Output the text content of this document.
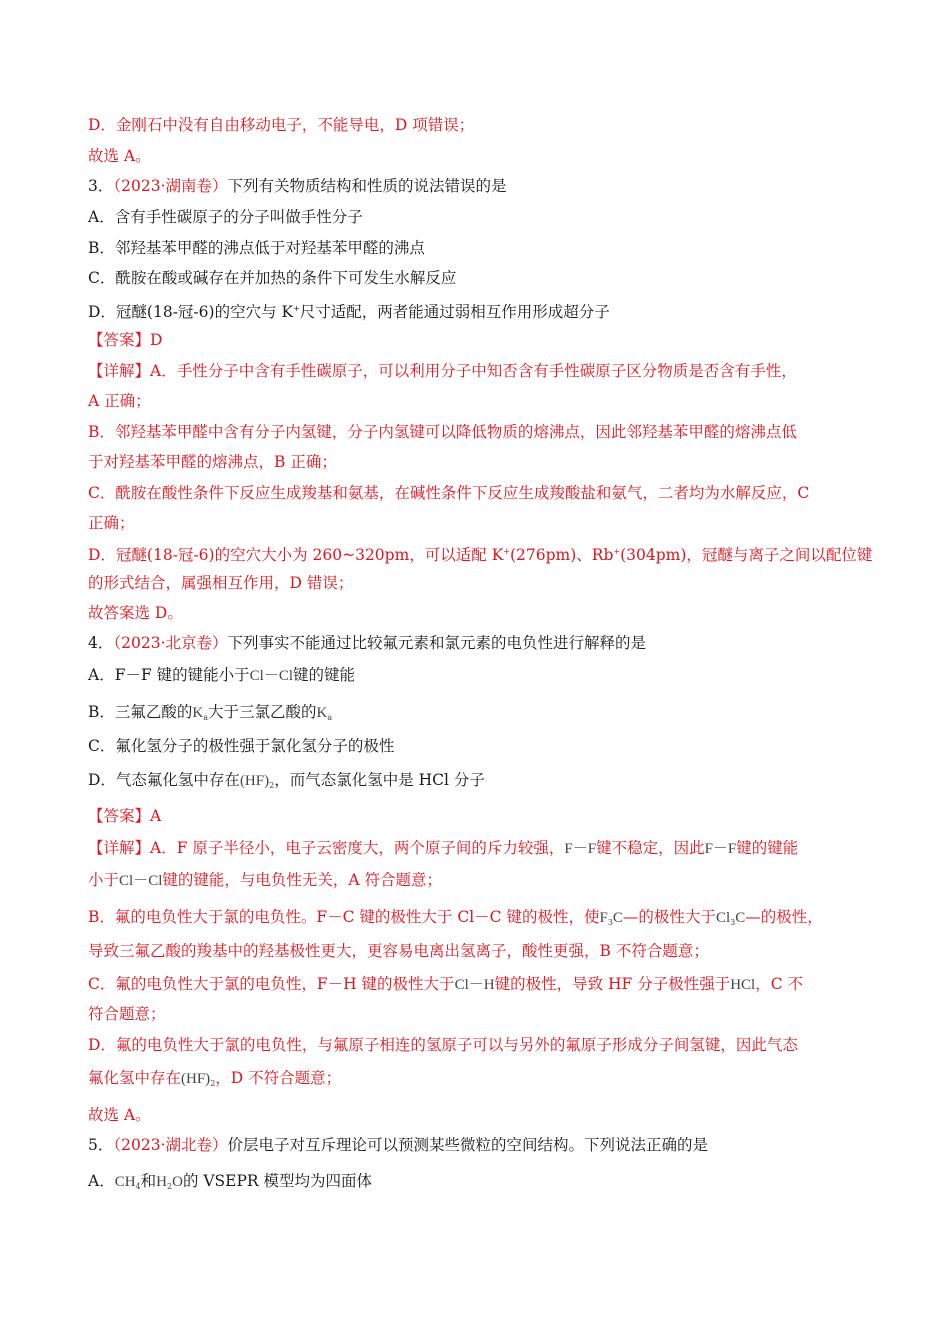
D．金刚石中没有自由移动电子，不能导电，D 项错误；
故选 A。
3．（2023·湖南卷）下列有关物质结构和性质的说法错误的是
A．含有手性碳原子的分子叫做手性分子
B．邻羟基苯甲醛的沸点低于对羟基苯甲醛的沸点
C．酰胺在酸或碱存在并加热的条件下可发生水解反应
D．冠醚(18-冠-6)的空穴与 K+尺寸适配，两者能通过弱相互作用形成超分子
【答案】D
【详解】A．手性分子中含有手性碳原子，可以利用分子中知否含有手性碳原子区分物质是否含有手性，
A 正确；
B．邻羟基苯甲醛中含有分子内氢键，分子内氢键可以降低物质的熔沸点，因此邻羟基苯甲醛的熔沸点低
于对羟基苯甲醛的熔沸点，B 正确；
C．酰胺在酸性条件下反应生成羧基和氨基，在碱性条件下反应生成羧酸盐和氨气，二者均为水解反应，C
正确；
D．冠醚(18-冠-6)的空穴大小为 260~320pm，可以适配 K+(276pm)、Rb+(304pm)，冠醚与离子之间以配位键
的形式结合，属强相互作用，D 错误；
故答案选 D。
4．（2023·北京卷）下列事实不能通过比较氟元素和氯元素的电负性进行解释的是
A．F－F 键的键能小于Cl－Cl键的键能
B．三氟乙酸的Ka大于三氯乙酸的Ka
C．氟化氢分子的极性强于氯化氢分子的极性
D．气态氟化氢中存在(HF)2，而气态氯化氢中是 HCl 分子
【答案】A
【详解】A．F 原子半径小，电子云密度大，两个原子间的斥力较强，F－F键不稳定，因此F－F键的键能
小于Cl－Cl键的键能，与电负性无关，A 符合题意；
B．氟的电负性大于氯的电负性。F－C 键的极性大于 Cl－C 键的极性，使F3C—的极性大于Cl3C—的极性，
导致三氟乙酸的羧基中的羟基极性更大，更容易电离出氢离子，酸性更强，B 不符合题意；
C．氟的电负性大于氯的电负性，F－H 键的极性大于Cl－H键的极性，导致 HF 分子极性强于HCl，C 不
符合题意；
D．氟的电负性大于氯的电负性，与氟原子相连的氢原子可以与另外的氟原子形成分子间氢键，因此气态
氟化氢中存在(HF)2，D 不符合题意；
故选 A。
5．（2023·湖北卷）价层电子对互斥理论可以预测某些微粒的空间结构。下列说法正确的是
A．CH4和H2O的 VSEPR 模型均为四面体
